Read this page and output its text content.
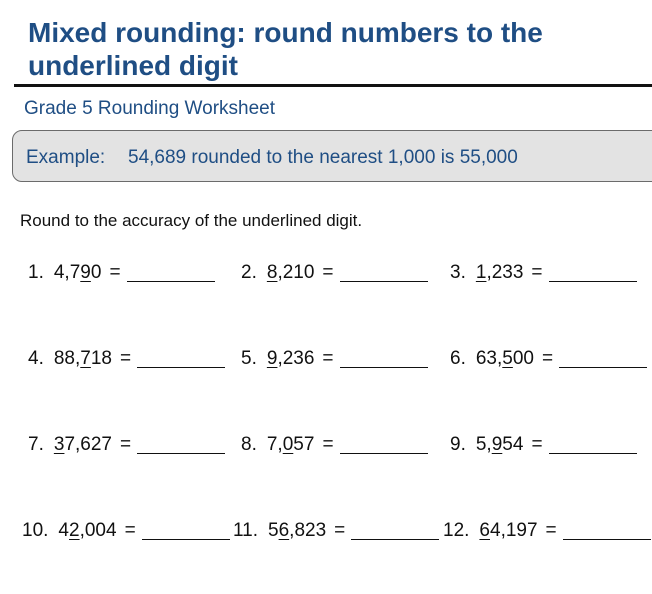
Mixed rounding: round numbers to the underlined digit
Grade 5 Rounding Worksheet
Example: 54,689 rounded to the nearest 1,000 is 55,000
Round to the accuracy of the underlined digit.
1. 4,790 =	2. 8,210 =	3. 1,233 =
4. 88,718 =	5. 9,236 =	6. 63,500 =
7. 37,627 =	8. 7,057 =	9. 5,954 =
10. 42,004 =	11. 56,823 =	12. 64,197 =
